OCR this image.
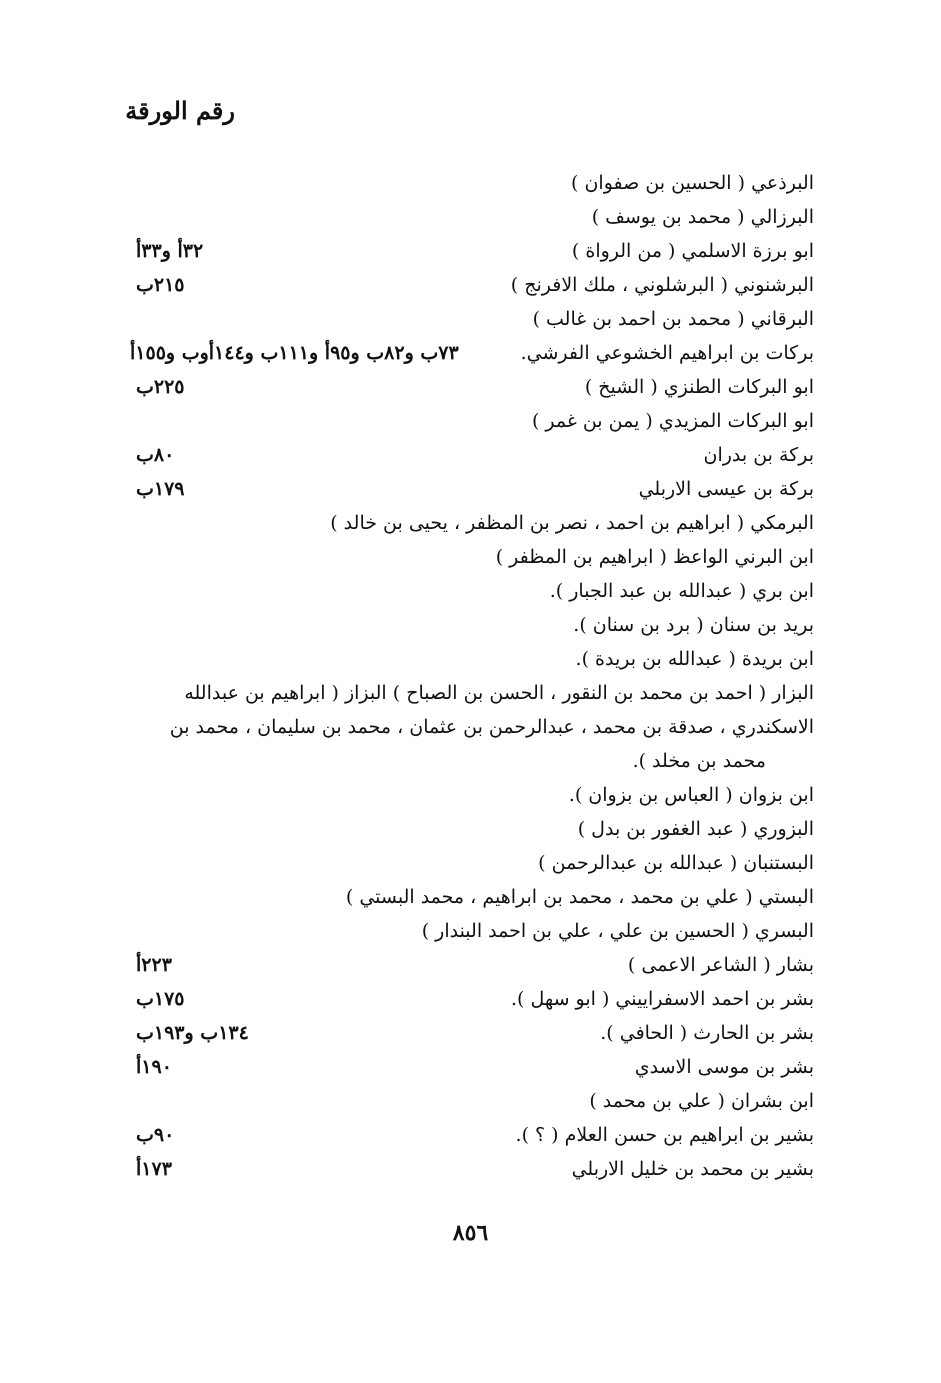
رقم الورقة
البرذعي ( الحسين بن صفوان )
البرزالي ( محمد بن يوسف )
ابو برزة الاسلمي ( من الرواة )
٣٢أ و٣٣أ
البرشنوني ( البرشلوني ، ملك الافرنج )
٢١٥ب
البرقاني ( محمد بن احمد بن غالب )
بركات بن ابراهيم الخشوعي الفرشي.
٧٣ب و٨٢ب و٩٥أ و١١١ب و١٤٤أوب و١٥٥أ
ابو البركات الطنزي ( الشيخ )
٢٢٥ب
ابو البركات المزيدي ( يمن بن غمر )
بركة بن بدران
٨٠ب
بركة بن عيسى الاربلي
١٧٩ب
البرمكي ( ابراهيم بن احمد ، نصر بن المظفر ، يحيى بن خالد )
ابن البرني الواعظ ( ابراهيم بن المظفر )
ابن بري ( عبدالله بن عبد الجبار ).
بريد بن سنان ( برد بن سنان ).
ابن بريدة ( عبدالله بن بريدة ).
البزار ( احمد بن محمد بن النقور ، الحسن بن الصباح ) البزاز ( ابراهيم بن عبدالله
الاسكندري ، صدقة بن محمد ، عبدالرحمن بن عثمان ، محمد بن سليمان ، محمد بن
محمد بن مخلد ).
ابن بزوان ( العباس بن بزوان ).
البزوري ( عبد الغفور بن بدل )
البستنبان ( عبدالله بن عبدالرحمن )
البستي ( علي بن محمد ، محمد بن ابراهيم ، محمد البستي )
البسري ( الحسين بن علي ، علي بن احمد البندار )
بشار ( الشاعر الاعمى )
٢٢٣أ
بشر بن احمد الاسفراييني ( ابو سهل ).
١٧٥ب
بشر بن الحارث ( الحافي ).
١٣٤ب و١٩٣ب
بشر بن موسى الاسدي
١٩٠أ
ابن بشران ( علي بن محمد )
بشير بن ابراهيم بن حسن العلام ( ؟ ).
٩٠ب
بشير بن محمد بن خليل الاربلي
١٧٣أ
٨٥٦
